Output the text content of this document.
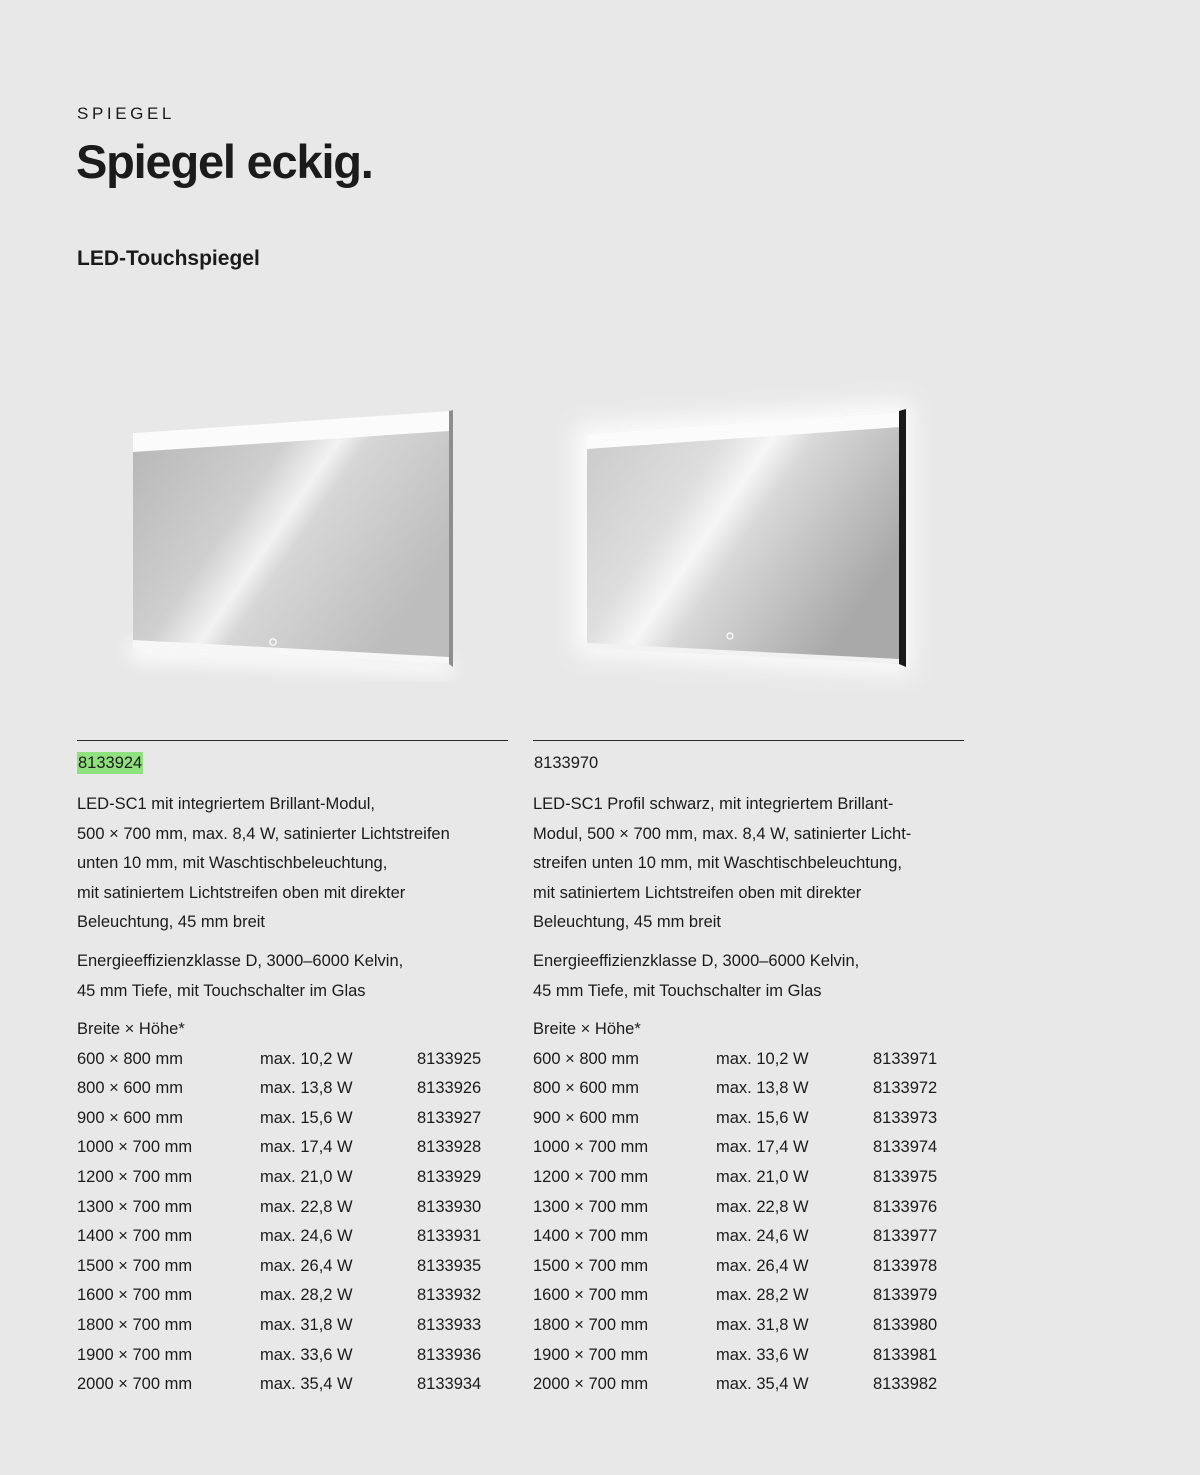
SPIEGEL
Spiegel eckig.
LED-Touchspiegel
8133924

LED-SC1 mit integriertem Brillant-Modul,
500 × 700 mm, max. 8,4 W, satinierter Lichtstreifen
unten 10 mm, mit Waschtischbeleuchtung,
mit satiniertem Lichtstreifen oben mit direkter
Beleuchtung, 45 mm breit

Energieeffizienzklasse D, 3000–6000 Kelvin,
45 mm Tiefe, mit Touchschalter im Glas

Breite × Höhe*
600 × 800 mm	max. 10,2 W	8133925
800 × 600 mm	max. 13,8 W	8133926
900 × 600 mm	max. 15,6 W	8133927
1000 × 700 mm	max. 17,4 W	8133928
1200 × 700 mm	max. 21,0 W	8133929
1300 × 700 mm	max. 22,8 W	8133930
1400 × 700 mm	max. 24,6 W	8133931
1500 × 700 mm	max. 26,4 W	8133935
1600 × 700 mm	max. 28,2 W	8133932
1800 × 700 mm	max. 31,8 W	8133933
1900 × 700 mm	max. 33,6 W	8133936
2000 × 700 mm	max. 35,4 W	8133934
8133970

LED-SC1 Profil schwarz, mit integriertem Brillant-
Modul, 500 × 700 mm, max. 8,4 W, satinierter Licht-
streifen unten 10 mm, mit Waschtischbeleuchtung,
mit satiniertem Lichtstreifen oben mit direkter
Beleuchtung, 45 mm breit

Energieeffizienzklasse D, 3000–6000 Kelvin,
45 mm Tiefe, mit Touchschalter im Glas

Breite × Höhe*
600 × 800 mm	max. 10,2 W	8133971
800 × 600 mm	max. 13,8 W	8133972
900 × 600 mm	max. 15,6 W	8133973
1000 × 700 mm	max. 17,4 W	8133974
1200 × 700 mm	max. 21,0 W	8133975
1300 × 700 mm	max. 22,8 W	8133976
1400 × 700 mm	max. 24,6 W	8133977
1500 × 700 mm	max. 26,4 W	8133978
1600 × 700 mm	max. 28,2 W	8133979
1800 × 700 mm	max. 31,8 W	8133980
1900 × 700 mm	max. 33,6 W	8133981
2000 × 700 mm	max. 35,4 W	8133982
